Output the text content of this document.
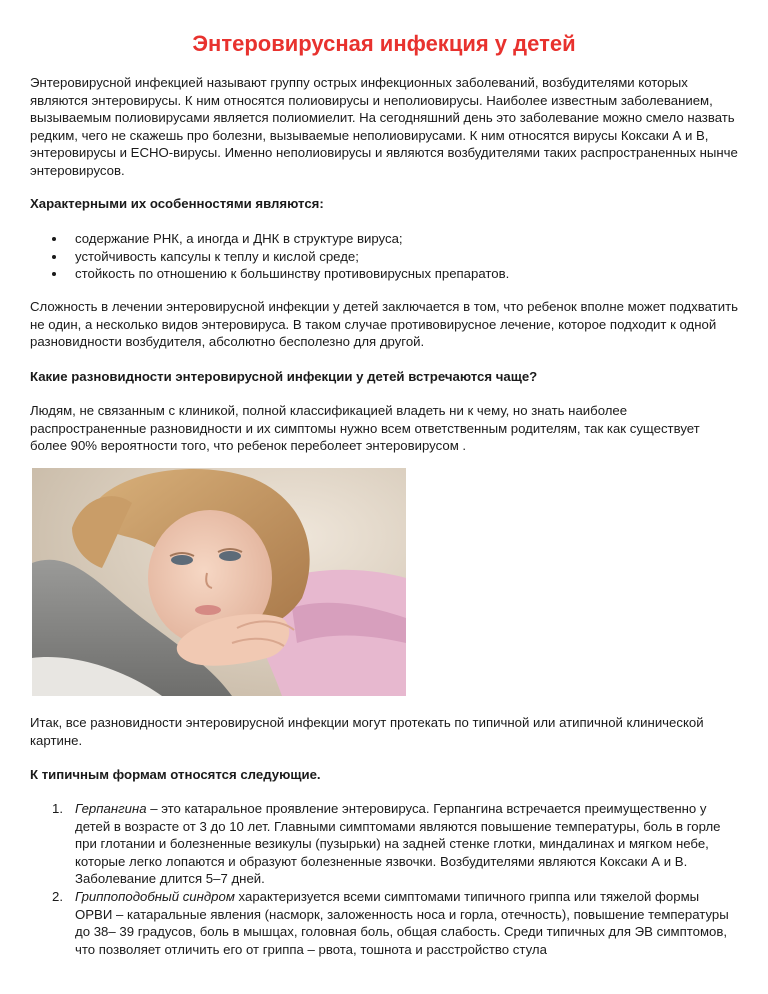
Энтеровирусная инфекция у детей

Энтеровирусной инфекцией называют группу острых инфекционных заболеваний, возбудителями которых являются энтеровирусы. К ним относятся полиовирусы и неполиовирусы. Наиболее известным заболеванием, вызываемым полиовирусами является полиомиелит. На сегодняшний день это заболевание можно смело назвать редким, чего не скажешь про болезни, вызываемые неполиовирусами. К ним относятся вирусы Коксаки А и В, энтеровирусы и ЕСНО-вирусы. Именно неполиовирусы и являются возбудителями таких распространенных нынче энтеровирусов.

Характерными их особенностями являются:

содержание РНК, а иногда и ДНК в структуре вируса;
устойчивость капсулы к теплу и кислой среде;
стойкость по отношению к большинству противовирусных препаратов.

Сложность в лечении энтеровирусной инфекции у детей заключается в том, что ребенок вполне может подхватить не один, а несколько видов энтеровируса. В таком случае противовирусное лечение, которое подходит к одной разновидности возбудителя, абсолютно бесполезно для другой.

Какие разновидности энтеровирусной инфекции у детей встречаются чаще?

Людям, не связанным с клиникой, полной классификацией владеть ни к чему, но знать наиболее распространенные разновидности и их симптомы нужно всем ответственным родителям, так как существует более 90% вероятности того, что ребенок переболеет энтеровирусом .

Итак, все разновидности энтеровирусной инфекции могут протекать по типичной или атипичной клинической картине.

К типичным формам относятся следующие.

1. Герпангина – это катаральное проявление энтеровируса. Герпангина встречается преимущественно у детей в возрасте от 3 до 10 лет. Главными симптомами являются повышение температуры, боль в горле при глотании и болезненные везикулы (пузырьки) на задней стенке глотки, миндалинах и мягком небе, которые легко лопаются и образуют болезненные язвочки. Возбудителями являются Коксаки А и В. Заболевание длится 5–7 дней.
2. Гриппоподобный синдром характеризуется всеми симптомами типичного гриппа или тяжелой формы ОРВИ – катаральные явления (насморк, заложенность носа и горла, отечность), повышение температуры до 38– 39 градусов, боль в мышцах, головная боль, общая слабость. Среди типичных для ЭВ симптомов, что позволяет отличить его от гриппа – рвота, тошнота и расстройство стула
